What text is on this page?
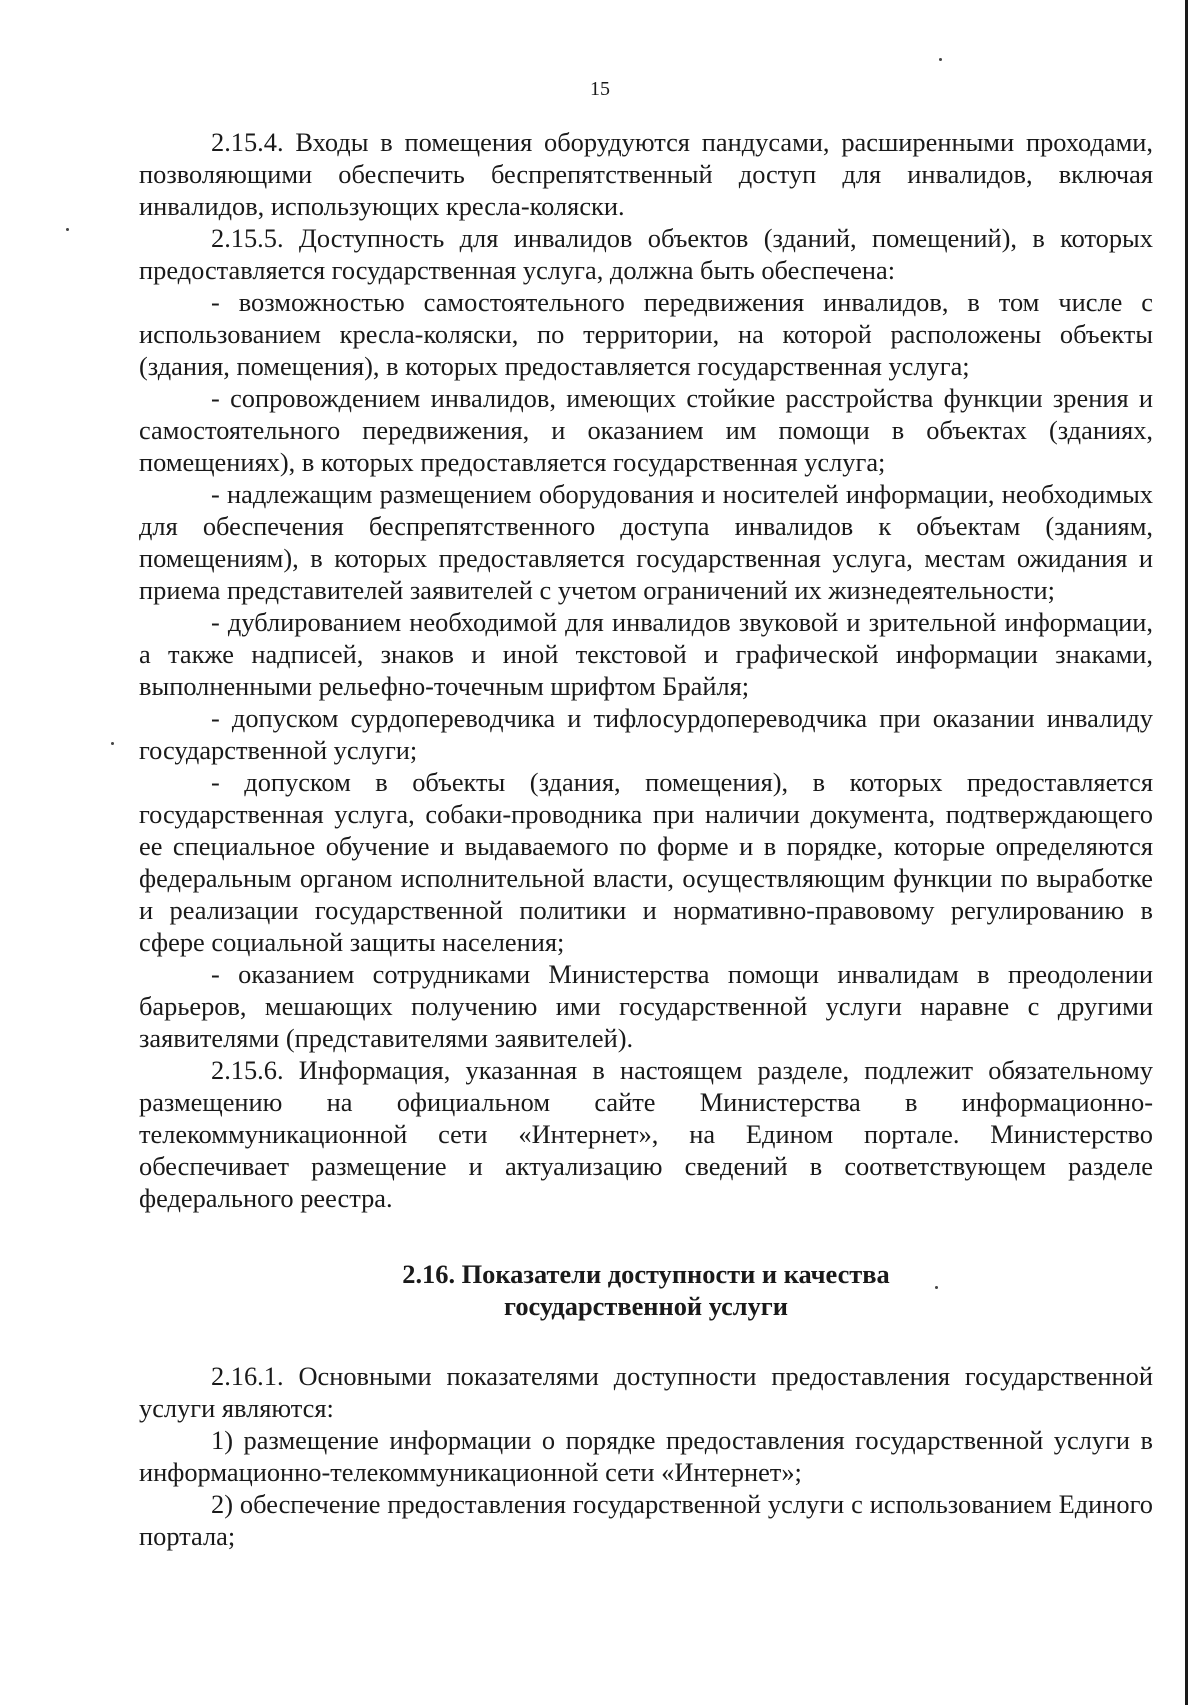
15

2.15.4. Входы в помещения оборудуются пандусами, расширенными проходами, позволяющими обеспечить беспрепятственный доступ для инвалидов, включая инвалидов, использующих кресла-коляски.

2.15.5. Доступность для инвалидов объектов (зданий, помещений), в которых предоставляется государственная услуга, должна быть обеспечена:

- возможностью самостоятельного передвижения инвалидов, в том числе с использованием кресла-коляски, по территории, на которой расположены объекты (здания, помещения), в которых предоставляется государственная услуга;

- сопровождением инвалидов, имеющих стойкие расстройства функции зрения и самостоятельного передвижения, и оказанием им помощи в объектах (зданиях, помещениях), в которых предоставляется государственная услуга;

- надлежащим размещением оборудования и носителей информации, необходимых для обеспечения беспрепятственного доступа инвалидов к объектам (зданиям, помещениям), в которых предоставляется государственная услуга, местам ожидания и приема представителей заявителей с учетом ограничений их жизнедеятельности;

- дублированием необходимой для инвалидов звуковой и зрительной информации, а также надписей, знаков и иной текстовой и графической информации знаками, выполненными рельефно-точечным шрифтом Брайля;

- допуском сурдопереводчика и тифлосурдопереводчика при оказании инвалиду государственной услуги;

- допуском в объекты (здания, помещения), в которых предоставляется государственная услуга, собаки-проводника при наличии документа, подтверждающего ее специальное обучение и выдаваемого по форме и в порядке, которые определяются федеральным органом исполнительной власти, осуществляющим функции по выработке и реализации государственной политики и нормативно-правовому регулированию в сфере социальной защиты населения;

- оказанием сотрудниками Министерства помощи инвалидам в преодолении барьеров, мешающих получению ими государственной услуги наравне с другими заявителями (представителями заявителей).

2.15.6. Информация, указанная в настоящем разделе, подлежит обязательному размещению на официальном сайте Министерства в информационно-телекоммуникационной сети «Интернет», на Едином портале. Министерство обеспечивает размещение и актуализацию сведений в соответствующем разделе федерального реестра.

2.16. Показатели доступности и качества
государственной услуги

2.16.1. Основными показателями доступности предоставления государственной услуги являются:

1) размещение информации о порядке предоставления государственной услуги в информационно-телекоммуникационной сети «Интернет»;

2) обеспечение предоставления государственной услуги с использованием Единого портала;
